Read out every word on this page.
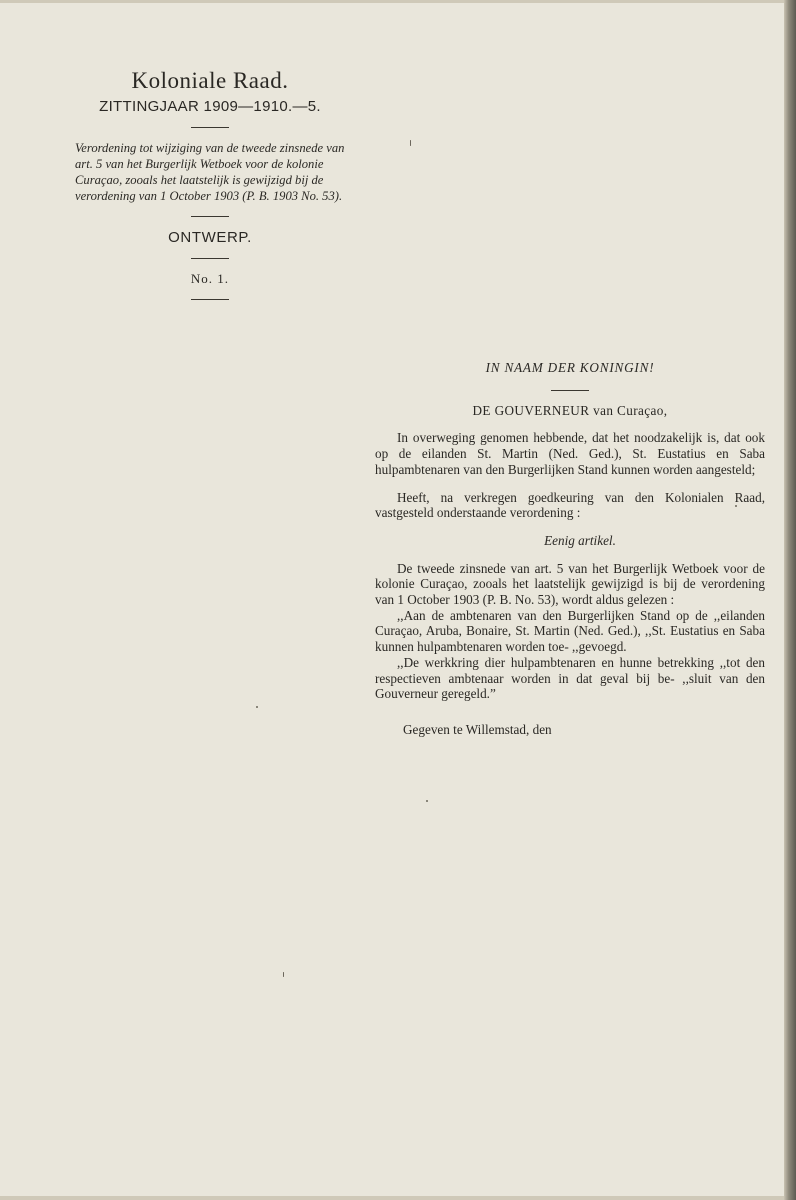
Koloniale Raad.
ZITTINGJAAR 1909—1910.—5.
Verordening tot wijziging van de tweede zinsnede van art. 5 van het Burgerlijk Wetboek voor de kolonie Curaçao, zooals het laatstelijk is gewijzigd bij de verordening van 1 October 1903 (P. B. 1903 No. 53).
ONTWERP.
No. 1.
IN NAAM DER KONINGIN!
DE GOUVERNEUR van Curaçao,

In overweging genomen hebbende, dat het noodzakelijk is, dat ook op de eilanden St. Martin (Ned. Ged.), St. Eustatius en Saba hulpambtenaren van den Burgerlijken Stand kunnen worden aangesteld;

Heeft, na verkregen goedkeuring van den Kolonialen Raad, vastgesteld onderstaande verordening :

Eenig artikel.

De tweede zinsnede van art. 5 van het Burgerlijk Wetboek voor de kolonie Curaçao, zooals het laatstelijk gewijzigd is bij de verordening van 1 October 1903 (P. B. No. 53), wordt aldus gelezen :

,,Aan de ambtenaren van den Burgerlijken Stand op de ,,eilanden Curaçao, Aruba, Bonaire, St. Martin (Ned. Ged.), ,,St. Eustatius en Saba kunnen hulpambtenaren worden toe- ,,gevoegd.

,,De werkkring dier hulpambtenaren en hunne betrekking ,,tot den respectieven ambtenaar worden in dat geval bij be- ,,sluit van den Gouverneur geregeld.”

Gegeven te Willemstad, den
